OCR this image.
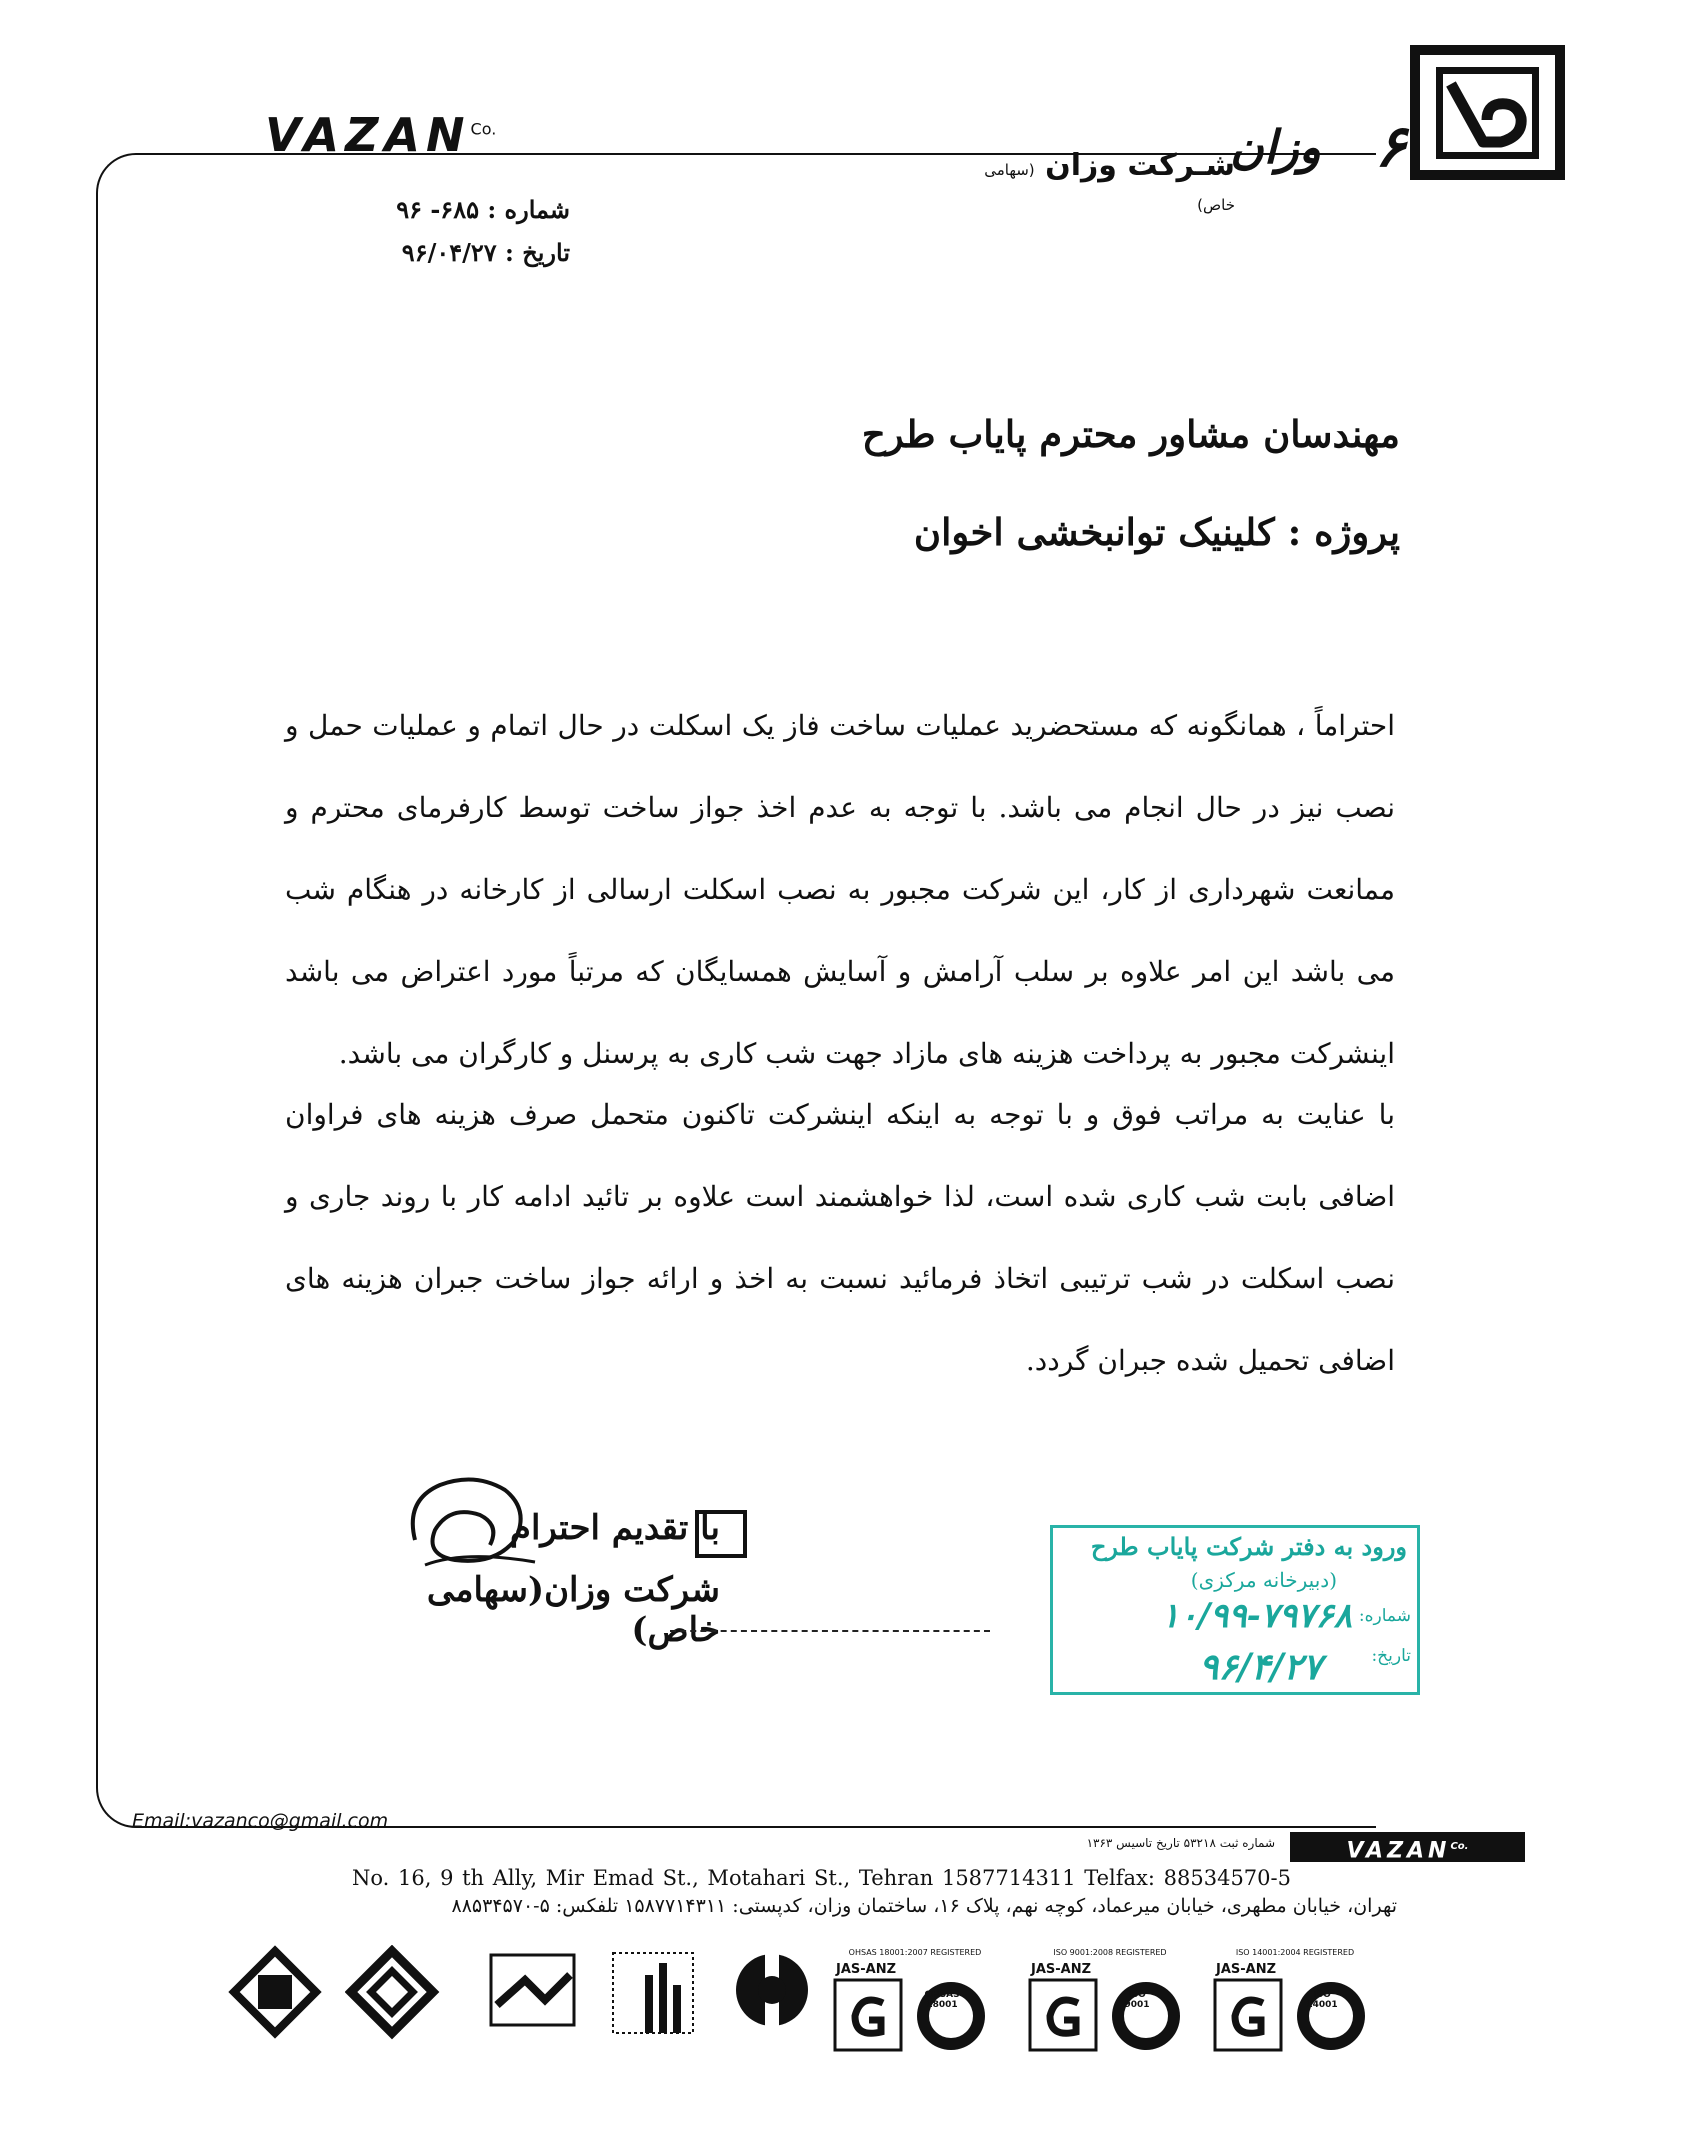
وزان ۶
شـرکت وزان (سهامی خاص)
$VAZAN^{Co.}$
شماره : ۶۸۵- ۹۶
تاریخ : ۹۶/۰۴/۲۷
مهندسان مشاور محترم پایاب طرح
پروژه : کلینیک توانبخشی اخوان

احتراماً ، همانگونه که مستحضرید عملیات ساخت فاز یک اسکلت در حال اتمام و عملیات حمل و نصب نیز در حال انجام می باشد. با توجه به عدم اخذ جواز ساخت توسط کارفرمای محترم و ممانعت شهرداری از کار، این شرکت مجبور به نصب اسکلت ارسالی از کارخانه در هنگام شب می باشد این امر علاوه بر سلب آرامش و آسایش همسایگان که مرتباً مورد اعتراض می باشد اینشرکت مجبور به پرداخت هزینه های مازاد جهت شب کاری به پرسنل و کارگران می باشد.

با عنایت به مراتب فوق و با توجه به اینکه اینشرکت تاکنون متحمل صرف هزینه های فراوان اضافی بابت شب کاری شده است، لذا خواهشمند است علاوه بر تائید ادامه کار با روند جاری و نصب اسکلت در شب ترتیبی اتخاذ فرمائید نسبت به اخذ و ارائه جواز ساخت جبران هزینه های اضافی تحمیل شده جبران گردد.

با تقدیم احترام
شرکت وزان(سهامی خاص)
ورود به دفتر شرکت پایاب طرح
(دبیرخانه مرکزی)
شماره:
۱۰/۹۹-۷۹۷۶۸
تاریخ:
۹۶/۴/۲۷
Email:vazanco@gmail.com
شماره ثبت ۵۳۲۱۸ تاریخ تاسیس ۱۳۶۳	$VAZAN^{Co.}$
No. 16, 9 th Ally, Mir Emad St., Motahari St., Tehran 1587714311 Telfax: 88534570-5
تهران، خیابان مطهری، خیابان میرعماد، کوچه نهم، پلاک ۱۶، ساختمان وزان، کدپستی: ۱۵۸۷۷۱۴۳۱۱ تلفکس: ۵-۸۸۵۳۴۵۷۰
OHSAS 18001:2007 REGISTERED
JAS-ANZ
OHSAS 18001
ISO 9001:2008 REGISTERED
JAS-ANZ
ISO 9001
ISO 14001:2004 REGISTERED
JAS-ANZ
ISO 14001
